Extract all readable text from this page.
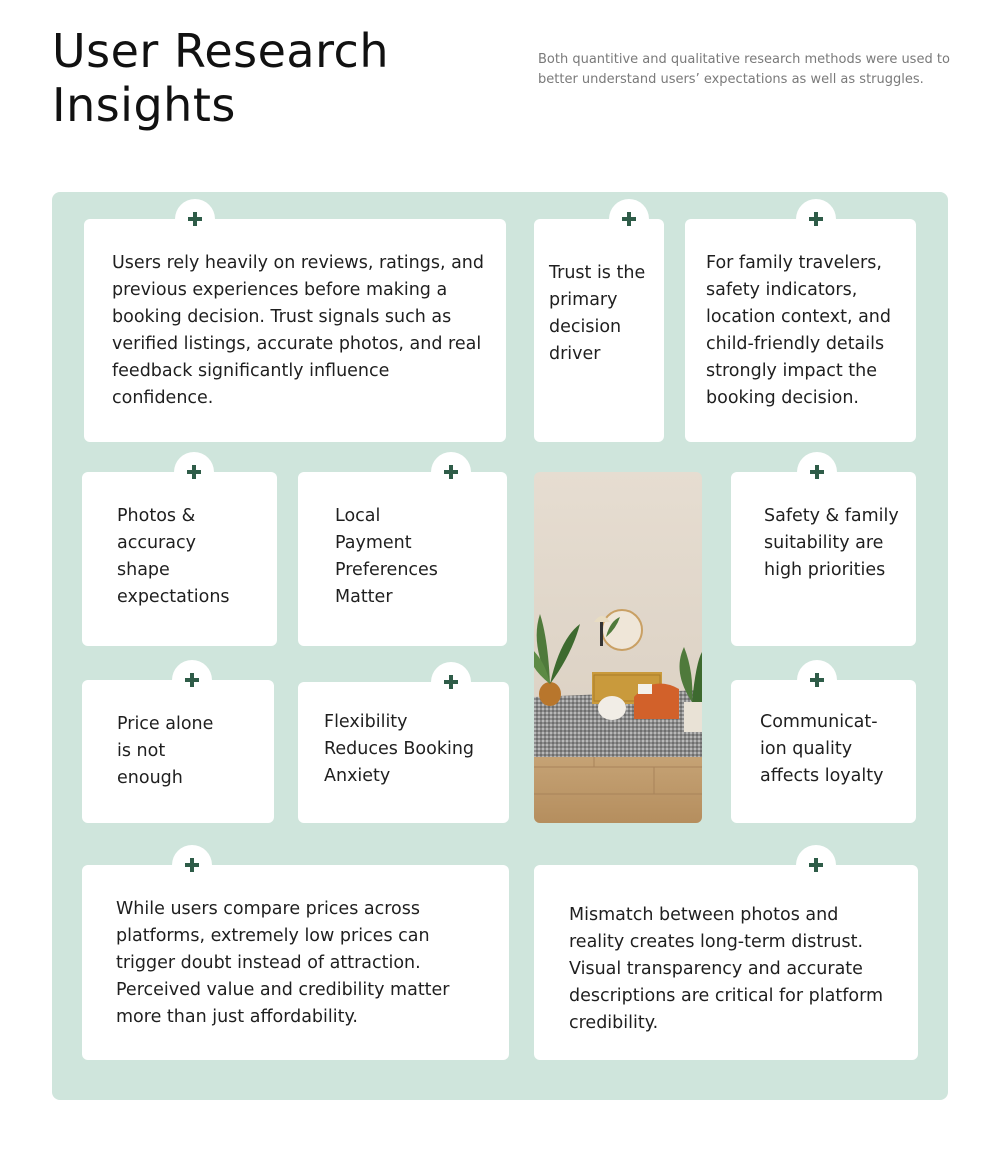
User Research Insights

Both quantitive and qualitative research methods were used to better understand users’ expectations as well as struggles.

Users rely heavily on reviews, ratings, and previous experiences before making a booking decision. Trust signals such as verified listings, accurate photos, and real feedback significantly influence confidence.

Trust is the primary decision driver

For family travelers, safety indicators, location context, and child-friendly details strongly impact the booking decision.

Photos & accuracy shape expectations

Local Payment Preferences Matter

Safety & family suitability are high priorities

Price alone is not enough

Flexibility Reduces Booking Anxiety

Communicat- ion quality affects loyalty

While users compare prices across platforms, extremely low prices can trigger doubt instead of attraction. Perceived value and credibility matter more than just affordability.

Mismatch between photos and reality creates long-term distrust. Visual transparency and accurate descriptions are critical for platform credibility.
